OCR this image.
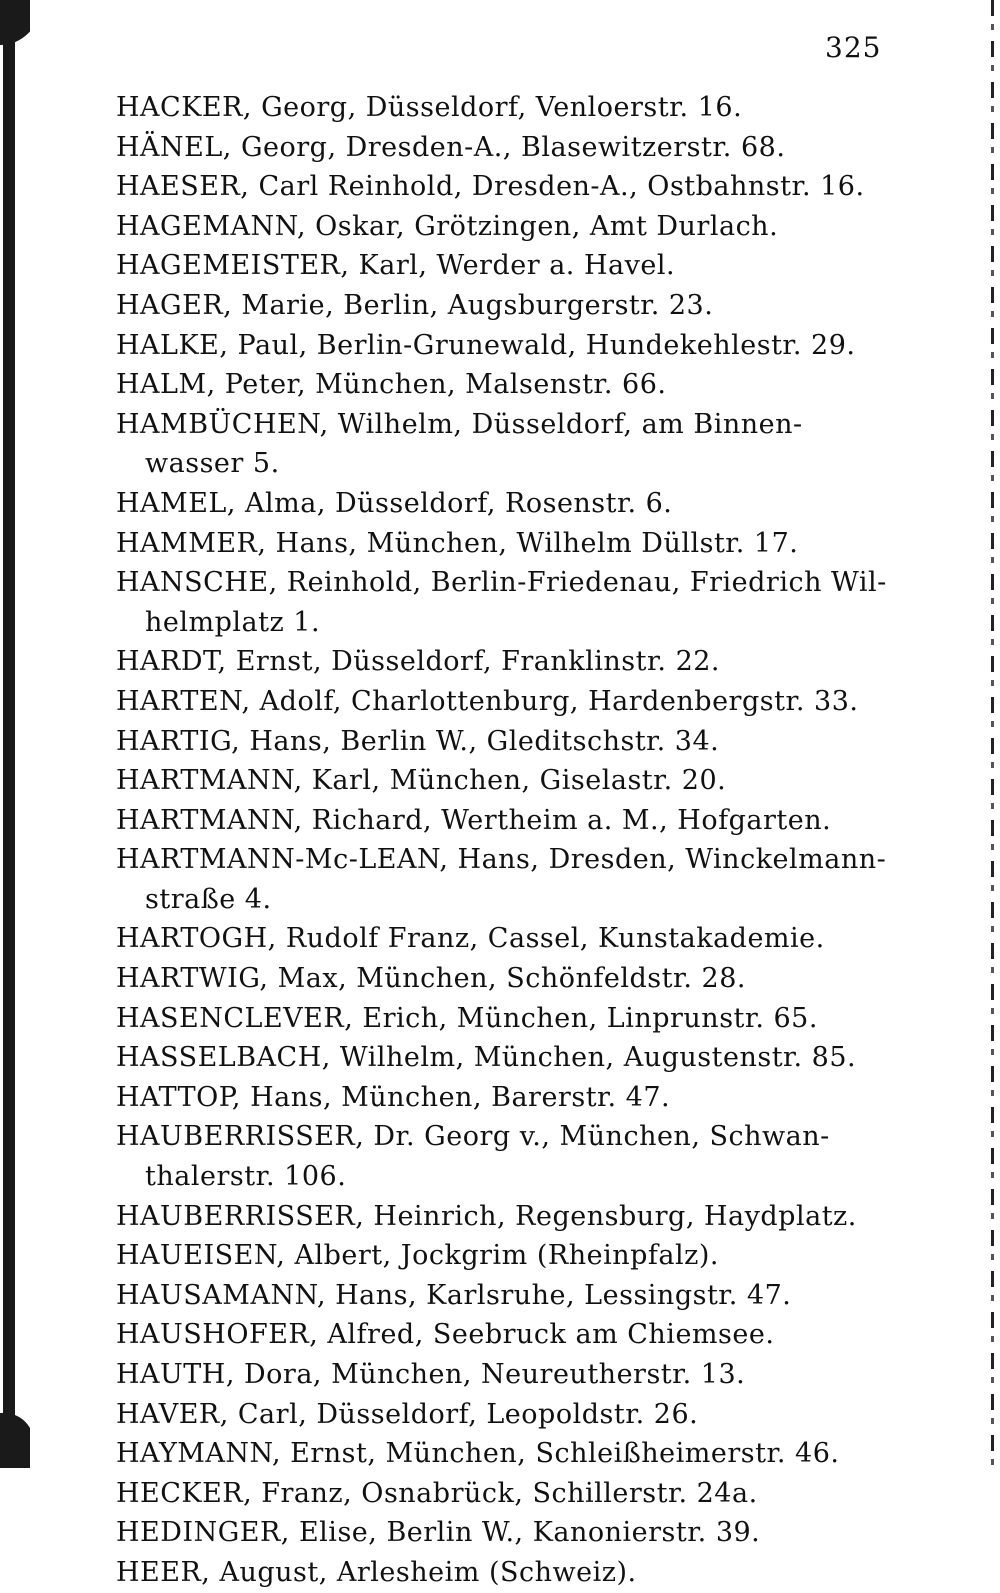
325
HACKER, Georg, Düsseldorf, Venloerstr. 16.
HÄNEL, Georg, Dresden-A., Blasewitzerstr. 68.
HAESER, Carl Reinhold, Dresden-A., Ostbahnstr. 16.
HAGEMANN, Oskar, Grötzingen, Amt Durlach.
HAGEMEISTER, Karl, Werder a. Havel.
HAGER, Marie, Berlin, Augsburgerstr. 23.
HALKE, Paul, Berlin-Grunewald, Hundekehlestr. 29.
HALM, Peter, München, Malsenstr. 66.
HAMBÜCHEN, Wilhelm, Düsseldorf, am Binnen-
wasser 5.
HAMEL, Alma, Düsseldorf, Rosenstr. 6.
HAMMER, Hans, München, Wilhelm Düllstr. 17.
HANSCHE, Reinhold, Berlin-Friedenau, Friedrich Wil-
helmplatz 1.
HARDT, Ernst, Düsseldorf, Franklinstr. 22.
HARTEN, Adolf, Charlottenburg, Hardenbergstr. 33.
HARTIG, Hans, Berlin W., Gleditschstr. 34.
HARTMANN, Karl, München, Giselastr. 20.
HARTMANN, Richard, Wertheim a. M., Hofgarten.
HARTMANN-Mc-LEAN, Hans, Dresden, Winckelmann-
straße 4.
HARTOGH, Rudolf Franz, Cassel, Kunstakademie.
HARTWIG, Max, München, Schönfeldstr. 28.
HASENCLEVER, Erich, München, Linprunstr. 65.
HASSELBACH, Wilhelm, München, Augustenstr. 85.
HATTOP, Hans, München, Barerstr. 47.
HAUBERRISSER, Dr. Georg v., München, Schwan-
thalerstr. 106.
HAUBERRISSER, Heinrich, Regensburg, Haydplatz.
HAUEISEN, Albert, Jockgrim (Rheinpfalz).
HAUSAMANN, Hans, Karlsruhe, Lessingstr. 47.
HAUSHOFER, Alfred, Seebruck am Chiemsee.
HAUTH, Dora, München, Neureutherstr. 13.
HAVER, Carl, Düsseldorf, Leopoldstr. 26.
HAYMANN, Ernst, München, Schleißheimerstr. 46.
HECKER, Franz, Osnabrück, Schillerstr. 24a.
HEDINGER, Elise, Berlin W., Kanonierstr. 39.
HEER, August, Arlesheim (Schweiz).
